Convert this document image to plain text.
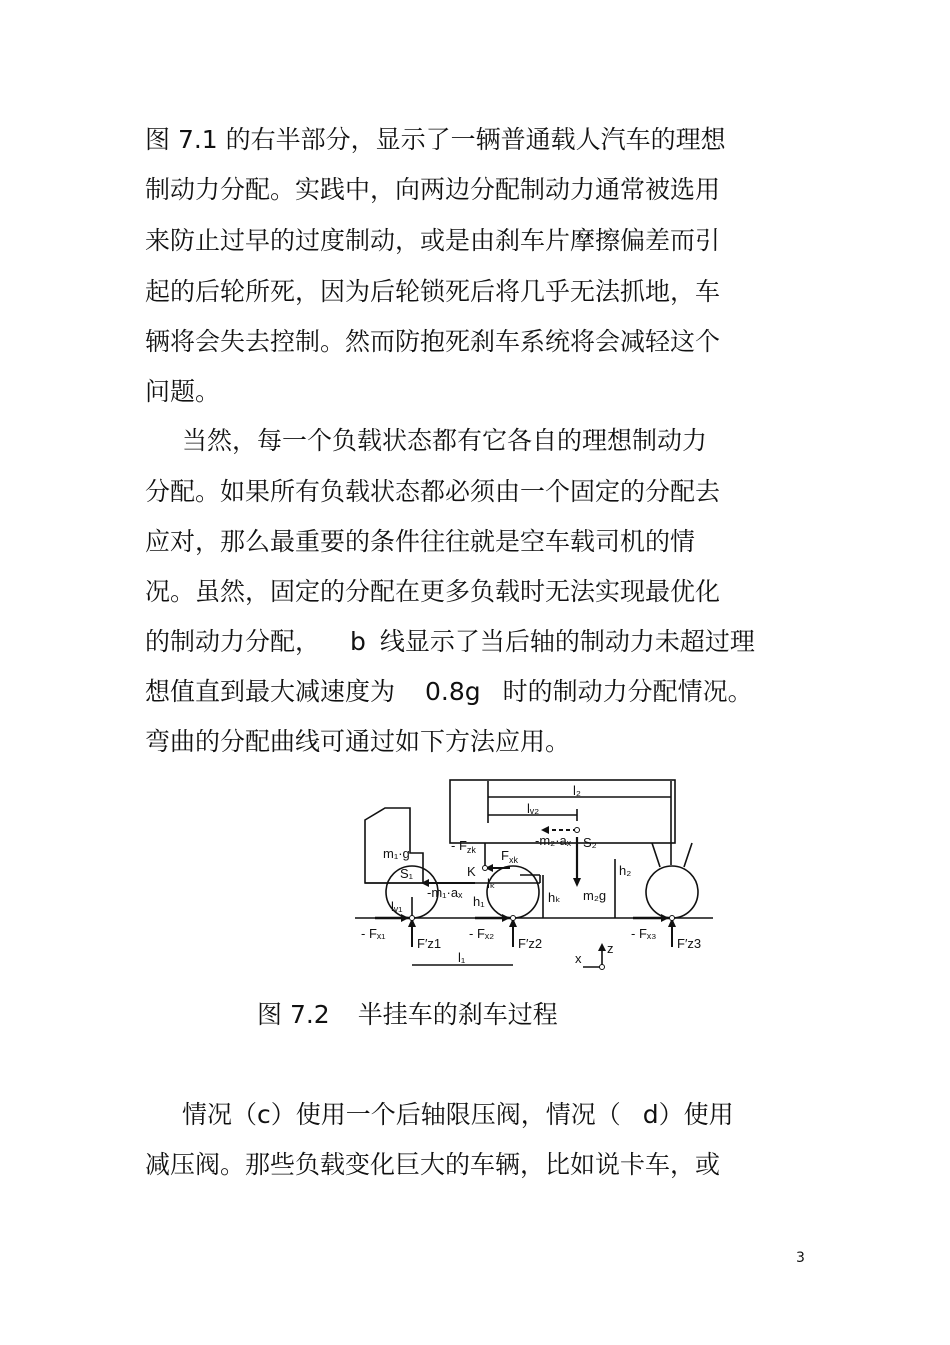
图 7.1 的右半部分，显示了一辆普通载人汽车的理想
制动力分配。实践中，向两边分配制动力通常被选用
来防止过早的过度制动，或是由刹车片摩擦偏差而引
起的后轮所死，因为后轮锁死后将几乎无法抓地，车
辆将会失去控制。然而防抱死刹车系统将会减轻这个
问题。
当然，每一个负载状态都有它各自的理想制动力
分配。如果所有负载状态都必须由一个固定的分配去
应对，那么最重要的条件往往就是空车载司机的情
况。虽然，固定的分配在更多负载时无法实现最优化
的制动力分配， b 线显示了当后轴的制动力未超过理
想值直到最大减速度为 0.8g 时的制动力分配情况。
弯曲的分配曲线可通过如下方法应用。
l₂
lᵥ₂
-m₂·aₓ S₂
- $F_{zk}$ $F_{xk}$
m₁·g
S₁	K
lₖ
h₂
hₖ m₂g
-m₁·aₓ
h₁
lᵥ₁
- Fₓ₁	- Fₓ₂	- Fₓ₃
F′z1	F′z2	F′z3
l₁	x
z
图 7.2 半挂车的刹车过程
情况（c）使用一个后轴限压阀，情况（ d）使用
减压阀。那些负载变化巨大的车辆，比如说卡车，或
3
